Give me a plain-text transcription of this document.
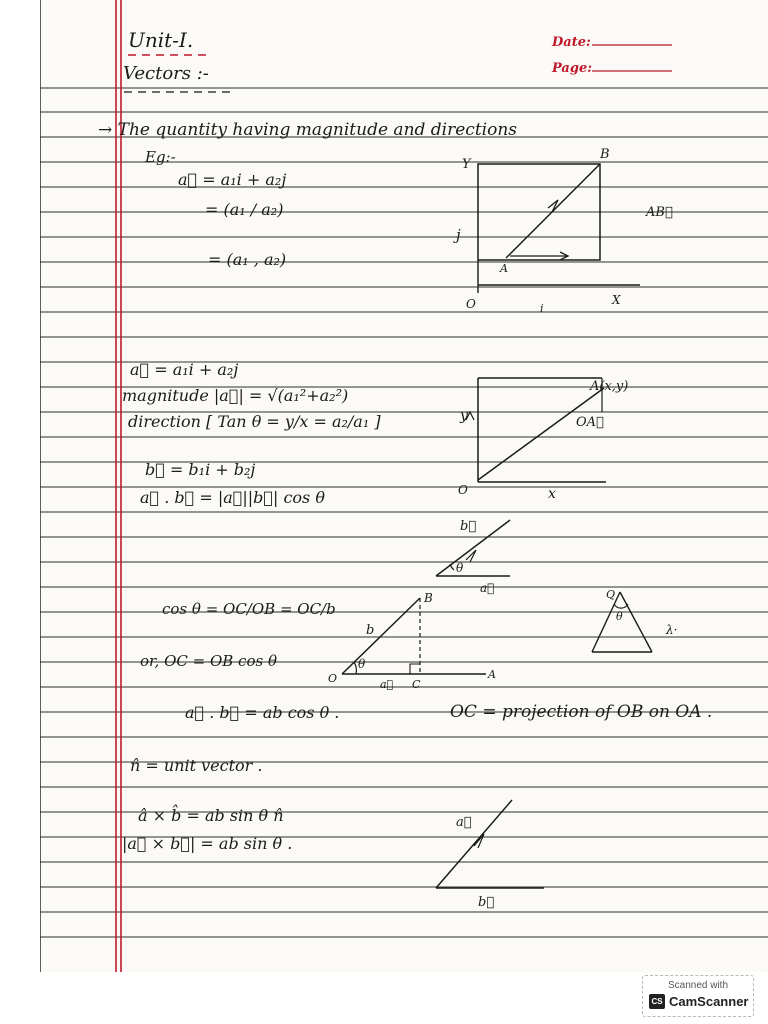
Unit-I.
Vectors :-
Date:
Page:
→ The quantity having magnitude and directions
Eg:-
a⃗ = a₁i + a₂j
= (a₁ / a₂)
= (a₁ , a₂)
B
Y
j
A
O	X
i
AB⃗
a⃗ = a₁i + a₂j
magnitude |a⃗| = √(a₁²+a₂²)
direction [ Tan θ = y/x = a₂/a₁ ]
A(x,y)
OA⃗
y
O	x
b⃗ = b₁i + b₂j
a⃗ . b⃗ = |a⃗||b⃗| cos θ
b⃗
θ
a⃗
cos θ = OC/OB = OC/b
or, OC = OB cos θ
B
b
θ
O	a⃗ C
A
Q
θ
λ·
a⃗ . b⃗ = ab cos θ .	OC = projection of OB on OA .
n̂ = unit vector .
â × b̂ = ab sin θ n̂
|a⃗ × b⃗| = ab sin θ .
a⃗
b⃗
Scanned with
CS CamScanner
